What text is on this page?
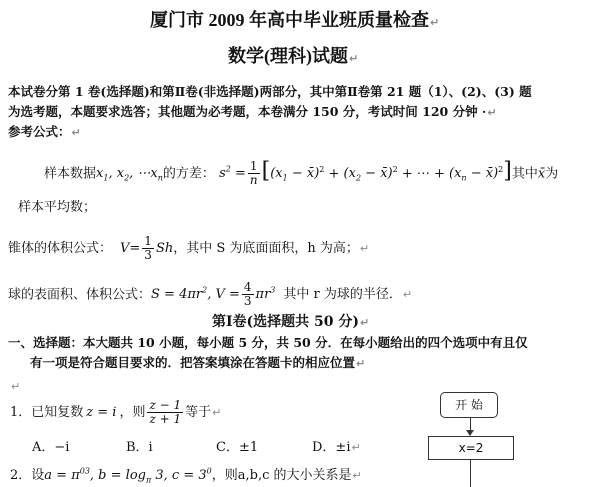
厦门市 2009 年高中毕业班质量检查↵
数学(理科)试题↵
本试卷分第 1 卷(选择题)和第Ⅱ卷(非选择题)两部分，其中第Ⅱ卷第 21 题（1）、(2)、(3) 题
为选考题，本题要求选答；其他题为必考题，本卷满分 150 分，考试时间 120 分钟 ·↵
参考公式：↵
样本数据$x_1$, $x_2$, $\cdots x_n$的方差： $s^2 = \frac{1}{n} [(x_1$ − x̄)$^2$ + ($x_2$ − x̄)$^2$ + ⋯ + ($x_n$ − x̄)$^2$]其中x̄为
样本平均数；
锥体的体积公式： $V= \frac{1}{3}$ Sh，其中 S 为底面面积，h 为高；↵
球的表面积、体积公式：$S = 4\pi r^2$, $V = \frac{4}{3} \pi r^3$ 其中 r 为球的半径．↵
第Ⅰ卷(选择题共 50 分)↵
一、选择题：本大题共 10 小题，每小题 5 分，共 50 分．在每小题给出的四个选项中有且仅
有一项是符合题目要求的．把答案填涂在答题卡的相应位置↵
↵
1．已知复数 z = i ，则 $\frac{z - 1}{z + 1}$ 等于↵
A．−i	B．i	C．±1	D．±i↵
2．设$a = \pi^{03}$, $b = \log_\pi 3$, $c = 3^0$，则a,b,c 的大小关系是↵
开 始
x=2
